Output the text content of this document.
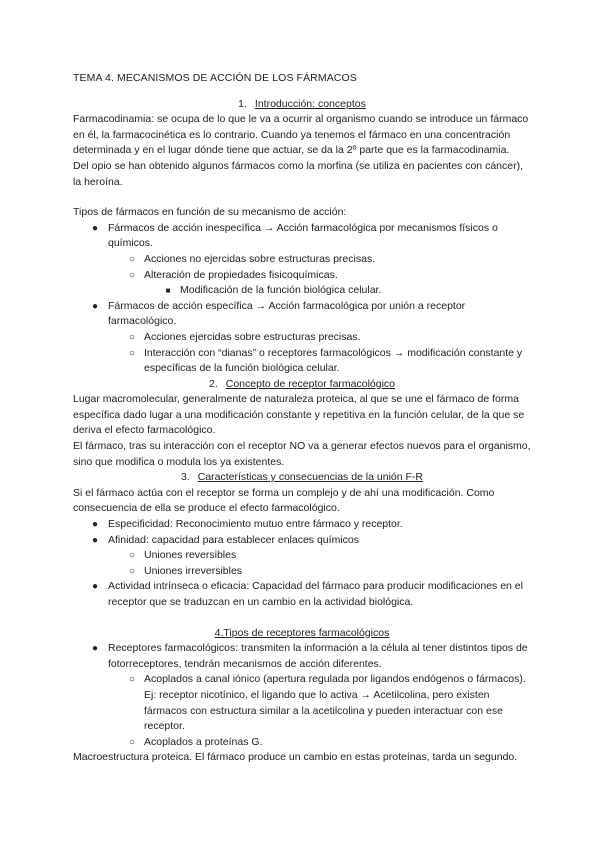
TEMA 4. MECANISMOS DE ACCIÓN DE LOS FÁRMACOS

1. Introducción: conceptos

Farmacodinamia: se ocupa de lo que le va a ocurrir al organismo cuando se introduce un fármaco en él, la farmacocinética es lo contrario. Cuando ya tenemos el fármaco en una concentración determinada y en el lugar dónde tiene que actuar, se da la 2º parte que es la farmacodinamia.

Del opio se han obtenido algunos fármacos como la morfina (se utiliza en pacientes con cáncer), la heroína.

Tipos de fármacos en función de su mecanismo de acción:

● Fármacos de acción inespecífica → Acción farmacológica por mecanismos físicos o químicos.
○ Acciones no ejercidas sobre estructuras precisas.
○ Alteración de propiedades fisicoquímicas.
■ Modificación de la función biológica celular.
● Fármacos de acción específica → Acción farmacológica por unión a receptor farmacológico.
○ Acciones ejercidas sobre estructuras precisas.
○ Interacción con “dianas” o receptores farmacológicos → modificación constante y específicas de la función biológica celular.

2. Concepto de receptor farmacológico

Lugar macromolecular, generalmente de naturaleza proteica, al que se une el fármaco de forma específica dado lugar a una modificación constante y repetitiva en la función celular, de la que se deriva el efecto farmacológico.

El fármaco, tras su interacción con el receptor NO va a generar efectos nuevos para el organismo, sino que modifica o modula los ya existentes.

3. Características y consecuencias de la unión F-R

Si el fármaco actúa con el receptor se forma un complejo y de ahí una modificación. Como consecuencia de ella se produce el efecto farmacológico.

● Especificidad: Reconocimiento mutuo entre fármaco y receptor.
● Afinidad: capacidad para establecer enlaces químicos
○ Uniones reversibles
○ Uniones irreversibles
● Actividad intrínseca o eficacia: Capacidad del fármaco para producir modificaciones en el receptor que se traduzcan en un cambio en la actividad biológica.

4.Tipos de receptores farmacológicos

● Receptores farmacológicos: transmiten la información a la célula al tener distintos tipos de fotorreceptores, tendrán mecanismos de acción diferentes.
○ Acoplados a canal iónico (apertura regulada por ligandos endógenos o fármacos). Ej: receptor nicotínico, el ligando que lo activa → Acetilcolina, pero existen fármacos con estructura similar a la acetilcolina y pueden interactuar con ese receptor.
○ Acoplados a proteínas G.

Macroestructura proteica. El fármaco produce un cambio en estas proteínas, tarda un segundo.
